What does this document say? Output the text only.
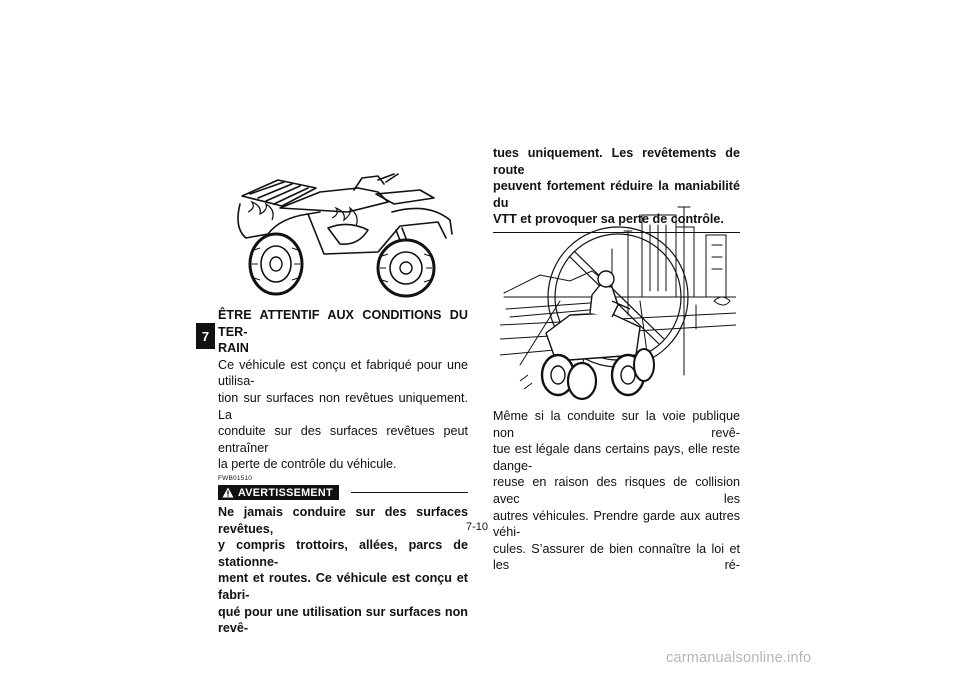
7
ÊTRE ATTENTIF AUX CONDITIONS DU TER-
RAIN
Ce véhicule est conçu et fabriqué pour une utilisa-
tion sur surfaces non revêtues uniquement. La
conduite sur des surfaces revêtues peut entraîner
la perte de contrôle du véhicule.
FWB01510
AVERTISSEMENT
Ne jamais conduire sur des surfaces revêtues,
y compris trottoirs, allées, parcs de stationne-
ment et routes. Ce véhicule est conçu et fabri-
qué pour une utilisation sur surfaces non revê-
tues uniquement. Les revêtements de route
peuvent fortement réduire la maniabilité du
VTT et provoquer sa perte de contrôle.
Même si la conduite sur la voie publique non revê-
tue est légale dans certains pays, elle reste dange-
reuse en raison des risques de collision avec les
autres véhicules. Prendre garde aux autres véhi-
cules. S’assurer de bien connaître la loi et les ré-
7-10
carmanualsonline.info
